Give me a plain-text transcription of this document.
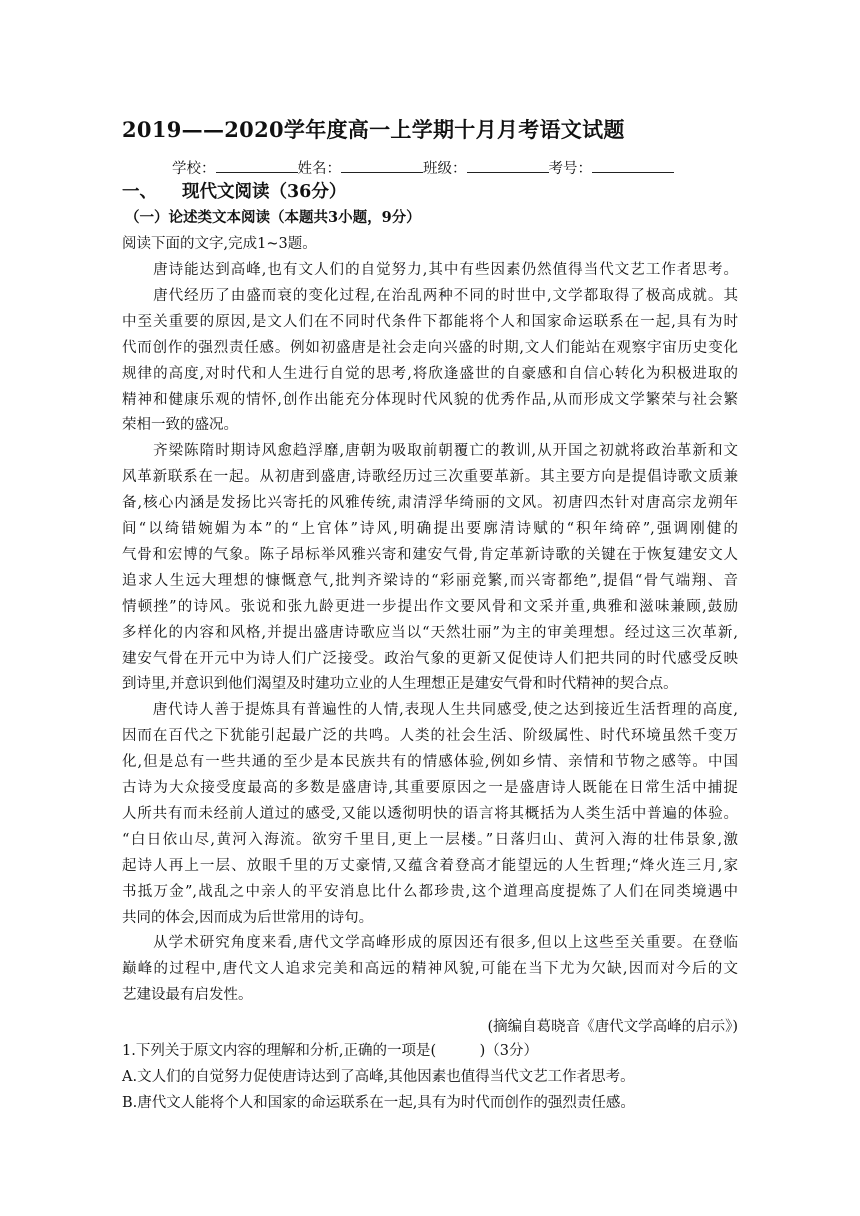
2019——2020学年度高一上学期十月月考语文试题
学校：	姓名：	班级：	考号：
一、 现代文阅读（36分）
（一）论述类文本阅读（本题共3小题，9分）
阅读下面的文字,完成1~3题。
　　唐诗能达到高峰,也有文人们的自觉努力,其中有些因素仍然值得当代文艺工作者思考。
　　唐代经历了由盛而衰的变化过程,在治乱两种不同的时世中,文学都取得了极高成就。其
中至关重要的原因,是文人们在不同时代条件下都能将个人和国家命运联系在一起,具有为时
代而创作的强烈责任感。例如初盛唐是社会走向兴盛的时期,文人们能站在观察宇宙历史变化
规律的高度,对时代和人生进行自觉的思考,将欣逢盛世的自豪感和自信心转化为积极进取的
精神和健康乐观的情怀,创作出能充分体现时代风貌的优秀作品,从而形成文学繁荣与社会繁
荣相一致的盛况。
　　齐梁陈隋时期诗风愈趋浮靡,唐朝为吸取前朝覆亡的教训,从开国之初就将政治革新和文
风革新联系在一起。从初唐到盛唐,诗歌经历过三次重要革新。其主要方向是提倡诗歌文质兼
备,核心内涵是发扬比兴寄托的风雅传统,肃清浮华绮丽的文风。初唐四杰针对唐高宗龙朔年
间“以绮错婉媚为本”的“上官体”诗风,明确提出要廓清诗赋的“积年绮碎”,强调刚健的
气骨和宏博的气象。陈子昂标举风雅兴寄和建安气骨,肯定革新诗歌的关键在于恢复建安文人
追求人生远大理想的慷慨意气,批判齐梁诗的“彩丽竞繁,而兴寄都绝”,提倡“骨气端翔、音
情顿挫”的诗风。张说和张九龄更进一步提出作文要风骨和文采并重,典雅和滋味兼顾,鼓励
多样化的内容和风格,并提出盛唐诗歌应当以“天然壮丽”为主的审美理想。经过这三次革新,
建安气骨在开元中为诗人们广泛接受。政治气象的更新又促使诗人们把共同的时代感受反映
到诗里,并意识到他们渴望及时建功立业的人生理想正是建安气骨和时代精神的契合点。
　　唐代诗人善于提炼具有普遍性的人情,表现人生共同感受,使之达到接近生活哲理的高度,
因而在百代之下犹能引起最广泛的共鸣。人类的社会生活、阶级属性、时代环境虽然千变万
化,但是总有一些共通的至少是本民族共有的情感体验,例如乡情、亲情和节物之感等。中国
古诗为大众接受度最高的多数是盛唐诗,其重要原因之一是盛唐诗人既能在日常生活中捕捉
人所共有而未经前人道过的感受,又能以透彻明快的语言将其概括为人类生活中普遍的体验。
“白日依山尽,黄河入海流。欲穷千里目,更上一层楼。”日落归山、黄河入海的壮伟景象,激
起诗人再上一层、放眼千里的万丈豪情,又蕴含着登高才能望远的人生哲理;“烽火连三月,家
书抵万金”,战乱之中亲人的平安消息比什么都珍贵,这个道理高度提炼了人们在同类境遇中
共同的体会,因而成为后世常用的诗句。
　　从学术研究角度来看,唐代文学高峰形成的原因还有很多,但以上这些至关重要。在登临
巅峰的过程中,唐代文人追求完美和高远的精神风貌,可能在当下尤为欠缺,因而对今后的文
艺建设最有启发性。
(摘编自葛晓音《唐代文学高峰的启示》)
1.下列关于原文内容的理解和分析,正确的一项是(　　　)（3分）
A.文人们的自觉努力促使唐诗达到了高峰,其他因素也值得当代文艺工作者思考。
B.唐代文人能将个人和国家的命运联系在一起,具有为时代而创作的强烈责任感。
